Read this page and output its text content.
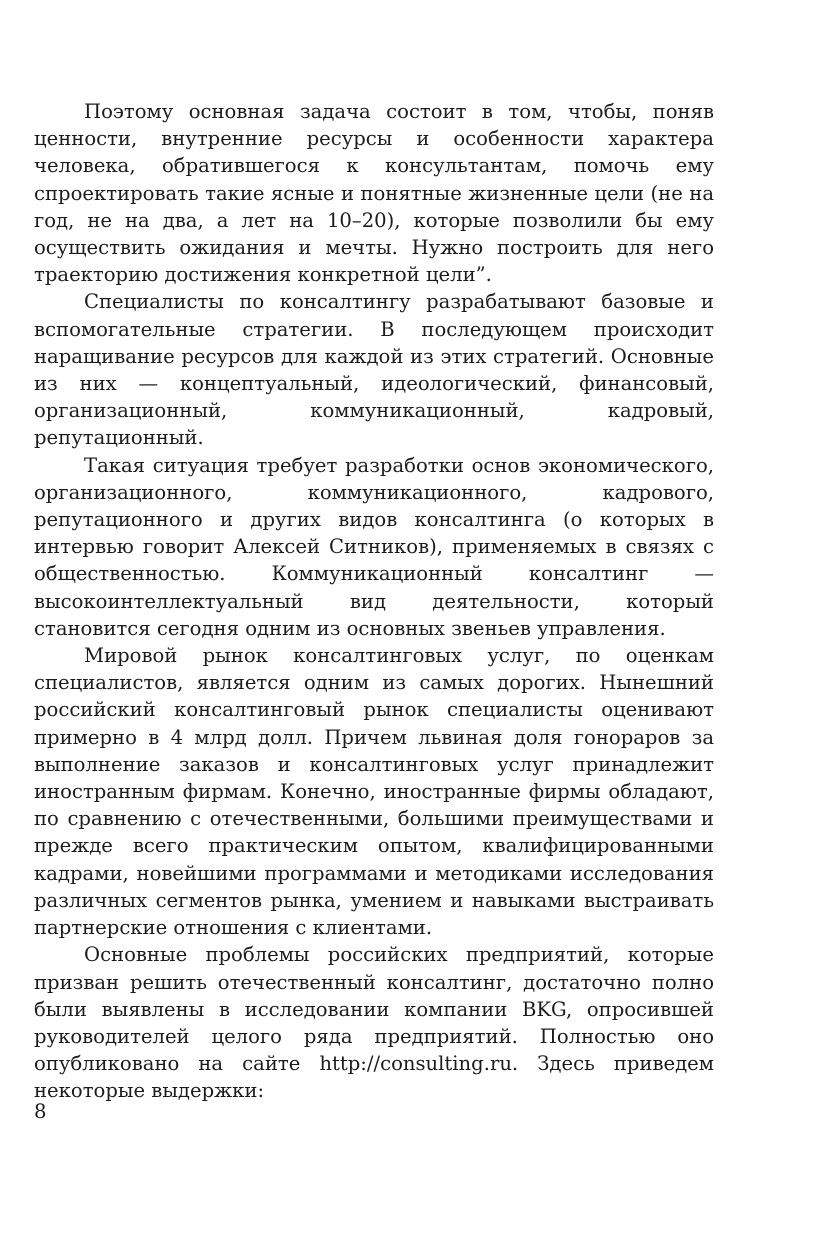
Поэтому основная задача состоит в том, чтобы, поняв ценности, внутренние ресурсы и особенности характера человека, обратившегося к консультантам, помочь ему спроектировать такие ясные и понятные жизненные цели (не на год, не на два, а лет на 10–20), которые позволили бы ему осуществить ожидания и мечты. Нужно построить для него траекторию достижения конкретной цели”.

Специалисты по консалтингу разрабатывают базовые и вспомогательные стратегии. В последующем происходит наращивание ресурсов для каждой из этих стратегий. Основные из них — концептуальный, идеологический, финансовый, организационный, коммуникационный, кадровый, репутационный.

Такая ситуация требует разработки основ экономического, организационного, коммуникационного, кадрового, репутационного и других видов консалтинга (о которых в интервью говорит Алексей Ситников), применяемых в связях с общественностью. Коммуникационный консалтинг — высокоинтеллектуальный вид деятельности, который становится сегодня одним из основных звеньев управления.

Мировой рынок консалтинговых услуг, по оценкам специалистов, является одним из самых дорогих. Нынешний российский консалтинговый рынок специалисты оценивают примерно в 4 млрд долл. Причем львиная доля гонораров за выполнение заказов и консалтинговых услуг принадлежит иностранным фирмам. Конечно, иностранные фирмы обладают, по сравнению с отечественными, большими преимуществами и прежде всего практическим опытом, квалифицированными кадрами, новейшими программами и методиками исследования различных сегментов рынка, умением и навыками выстраивать партнерские отношения с клиентами.

Основные проблемы российских предприятий, которые призван решить отечественный консалтинг, достаточно полно были выявлены в исследовании компании BKG, опросившей руководителей целого ряда предприятий. Полностью оно опубликовано на сайте http://consulting.ru. Здесь приведем некоторые выдержки:

8
